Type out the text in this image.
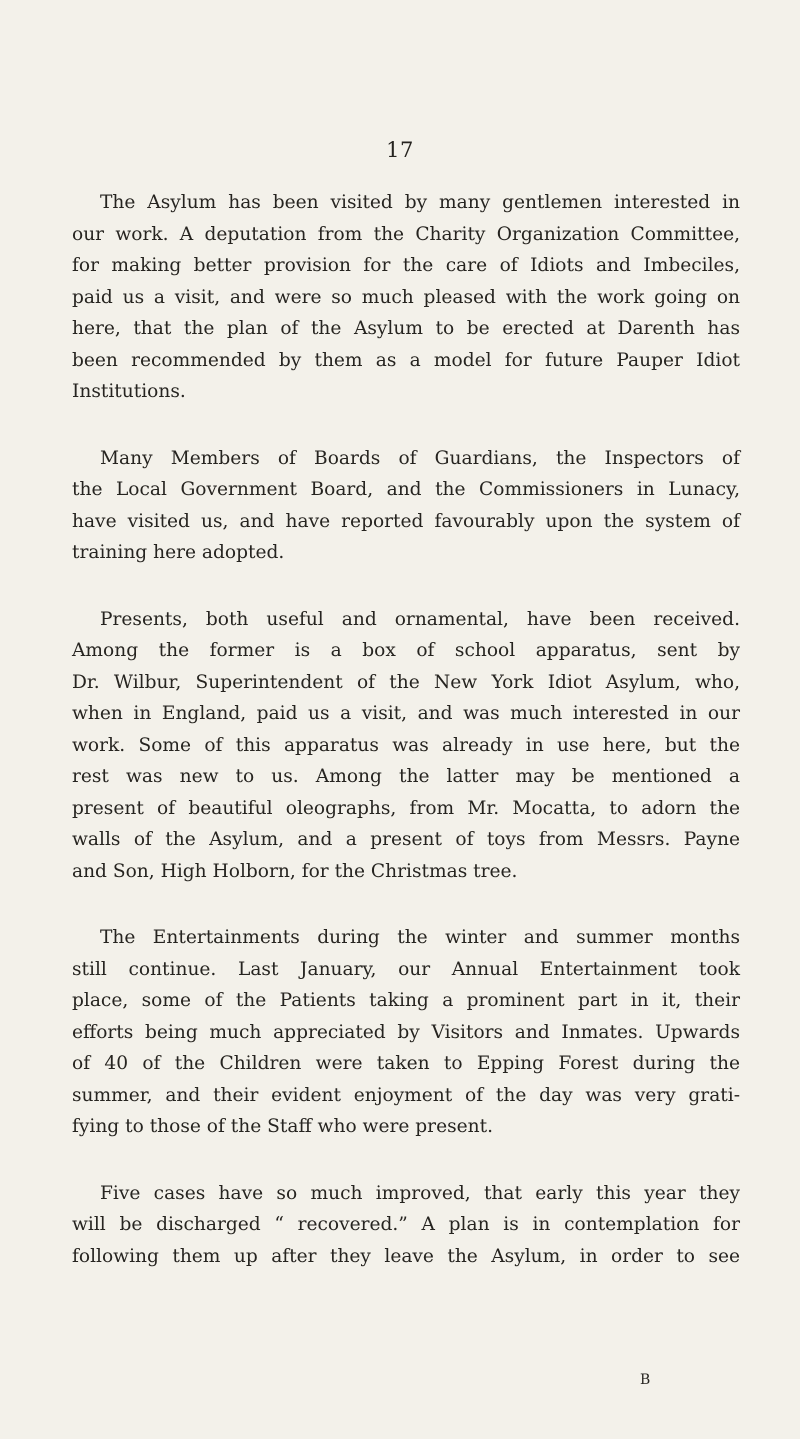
17
The Asylum has been visited by many gentlemen interested in
our work. A deputation from the Charity Organization Committee,
for making better provision for the care of Idiots and Imbeciles,
paid us a visit, and were so much pleased with the work going on
here, that the plan of the Asylum to be erected at Darenth has
been recommended by them as a model for future Pauper Idiot
Institutions.
Many Members of Boards of Guardians, the Inspectors of
the Local Government Board, and the Commissioners in Lunacy,
have visited us, and have reported favourably upon the system of
training here adopted.
Presents, both useful and ornamental, have been received.
Among the former is a box of school apparatus, sent by
Dr. Wilbur, Superintendent of the New York Idiot Asylum, who,
when in England, paid us a visit, and was much interested in our
work. Some of this apparatus was already in use here, but the
rest was new to us. Among the latter may be mentioned a
present of beautiful oleographs, from Mr. Mocatta, to adorn the
walls of the Asylum, and a present of toys from Messrs. Payne
and Son, High Holborn, for the Christmas tree.
The Entertainments during the winter and summer months
still continue. Last January, our Annual Entertainment took
place, some of the Patients taking a prominent part in it, their
efforts being much appreciated by Visitors and Inmates. Upwards
of 40 of the Children were taken to Epping Forest during the
summer, and their evident enjoyment of the day was very grati-
fying to those of the Staff who were present.
Five cases have so much improved, that early this year they
will be discharged “ recovered.” A plan is in contemplation for
following them up after they leave the Asylum, in order to see
B
